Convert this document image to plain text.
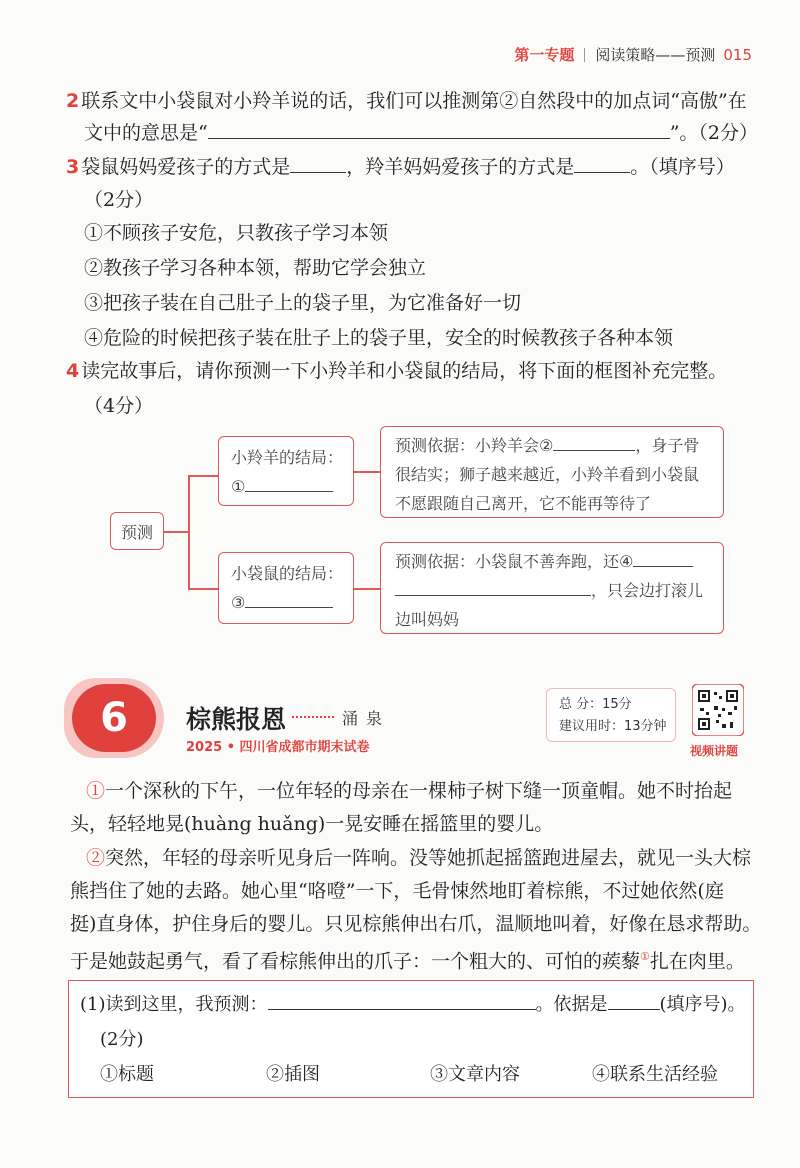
第一专题 阅读策略——预测 015
2 联系文中小袋鼠对小羚羊说的话，我们可以推测第②自然段中的加点词“高傲”在
文中的意思是“	”。（2分）
3 袋鼠妈妈爱孩子的方式是	，羚羊妈妈爱孩子的方式是	。（填序号）
（2分）
①不顾孩子安危，只教孩子学习本领
②教孩子学习各种本领，帮助它学会独立
③把孩子装在自己肚子上的袋子里，为它准备好一切
④危险的时候把孩子装在肚子上的袋子里，安全的时候教孩子各种本领
4 读完故事后，请你预测一下小羚羊和小袋鼠的结局，将下面的框图补充完整。
（4分）
预测
小羚羊的结局：
①
预测依据：小羚羊会②	，身子骨
很结实；狮子越来越近，小羚羊看到小袋鼠
不愿跟随自己离开，它不能再等待了
小袋鼠的结局：
③
预测依据：小袋鼠不善奔跑，还④
，只会边打滚儿
边叫妈妈
6	棕熊报恩	涌泉
2025 • 四川省成都市期末试卷
总 分：15分
建议用时：13分钟
视频讲题
①一个深秋的下午，一位年轻的母亲在一棵柿子树下缝一顶童帽。她不时抬起
头，轻轻地晃(huàng huǎng)一晃安睡在摇篮里的婴儿。
②突然，年轻的母亲听见身后一阵响。没等她抓起摇篮跑进屋去，就见一头大棕
熊挡住了她的去路。她心里“咯噔”一下，毛骨悚然地盯着棕熊，不过她依然(庭
挺)直身体，护住身后的婴儿。只见棕熊伸出右爪，温顺地叫着，好像在恳求帮助。
于是她鼓起勇气，看了看棕熊伸出的爪子：一个粗大的、可怕的蒺藜①扎在肉里。
(1)读到这里，我预测：	。依据是	(填序号)。
(2分)
①标题	②插图	③文章内容	④联系生活经验
